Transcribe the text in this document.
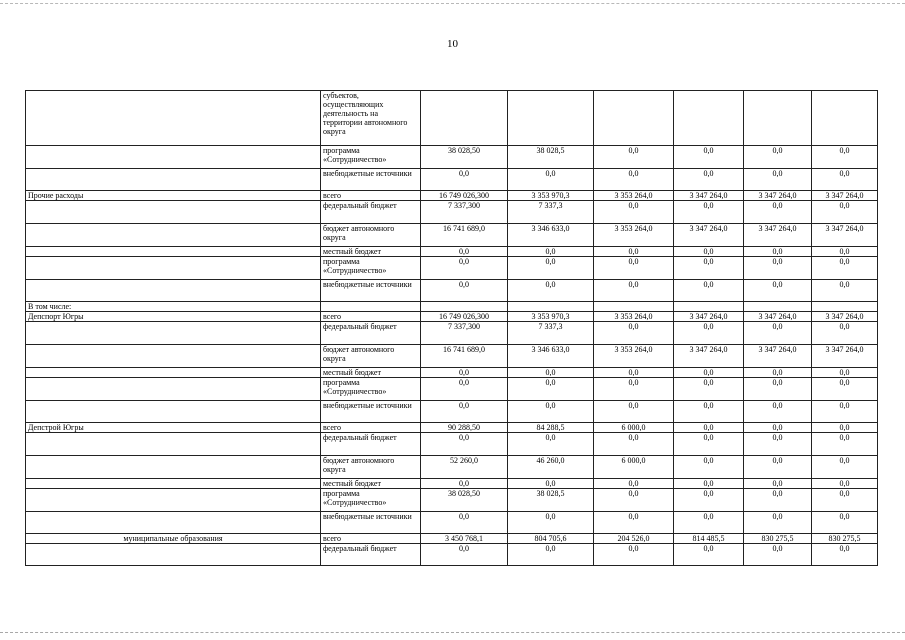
10
	субъектов, осуществляющих деятельность на территории автономного округа						
	программа «Сотрудничество»	38 028,50	38 028,5	0,0	0,0	0,0	0,0
	внебюджетные источники	0,0	0,0	0,0	0,0	0,0	0,0
Прочие расходы	всего	16 749 026,300	3 353 970,3	3 353 264,0	3 347 264,0	3 347 264,0	3 347 264,0
	федеральный бюджет	7 337,300	7 337,3	0,0	0,0	0,0	0,0
	бюджет автономного округа	16 741 689,0	3 346 633,0	3 353 264,0	3 347 264,0	3 347 264,0	3 347 264,0
	местный бюджет	0,0	0,0	0,0	0,0	0,0	0,0
	программа «Сотрудничество»	0,0	0,0	0,0	0,0	0,0	0,0
	внебюджетные источники	0,0	0,0	0,0	0,0	0,0	0,0
В том числе:							
Депспорт Югры	всего	16 749 026,300	3 353 970,3	3 353 264,0	3 347 264,0	3 347 264,0	3 347 264,0
	федеральный бюджет	7 337,300	7 337,3	0,0	0,0	0,0	0,0
	бюджет автономного округа	16 741 689,0	3 346 633,0	3 353 264,0	3 347 264,0	3 347 264,0	3 347 264,0
	местный бюджет	0,0	0,0	0,0	0,0	0,0	0,0
	программа «Сотрудничество»	0,0	0,0	0,0	0,0	0,0	0,0
	внебюджетные источники	0,0	0,0	0,0	0,0	0,0	0,0
Депстрой Югры	всего	90 288,50	84 288,5	6 000,0	0,0	0,0	0,0
	федеральный бюджет	0,0	0,0	0,0	0,0	0,0	0,0
	бюджет автономного округа	52 260,0	46 260,0	6 000,0	0,0	0,0	0,0
	местный бюджет	0,0	0,0	0,0	0,0	0,0	0,0
	программа «Сотрудничество»	38 028,50	38 028,5	0,0	0,0	0,0	0,0
	внебюджетные источники	0,0	0,0	0,0	0,0	0,0	0,0
муниципальные образования	всего	3 450 768,1	804 705,6	204 526,0	814 485,5	830 275,5	830 275,5
	федеральный бюджет	0,0	0,0	0,0	0,0	0,0	0,0
